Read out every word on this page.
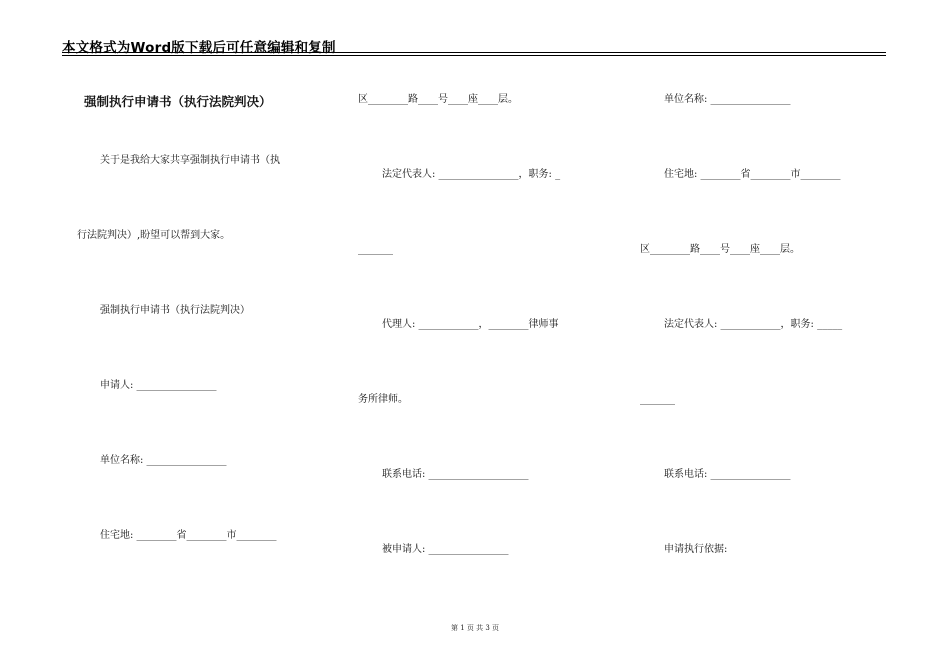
本文格式为Word版下载后可任意编辑和复制
强制执行申请书（执行法院判决）
关于是我给大家共享强制执行申请书（执
行法院判决）,盼望可以帮到大家。
强制执行申请书（执行法院判决）
申请人: ________________
单位名称: ________________
住宅地: ________省________市________
区________路____号____座____层。
法定代表人: ________________，职务: _
_______
代理人: ____________，________律师事
务所律师。
联系电话: ____________________
被申请人: ________________
单位名称: ________________
住宅地: ________省________市________
区________路____号____座____层。
法定代表人: ____________，职务: _____
_______
联系电话: ________________
申请执行依据:
第 1 页 共 3 页
